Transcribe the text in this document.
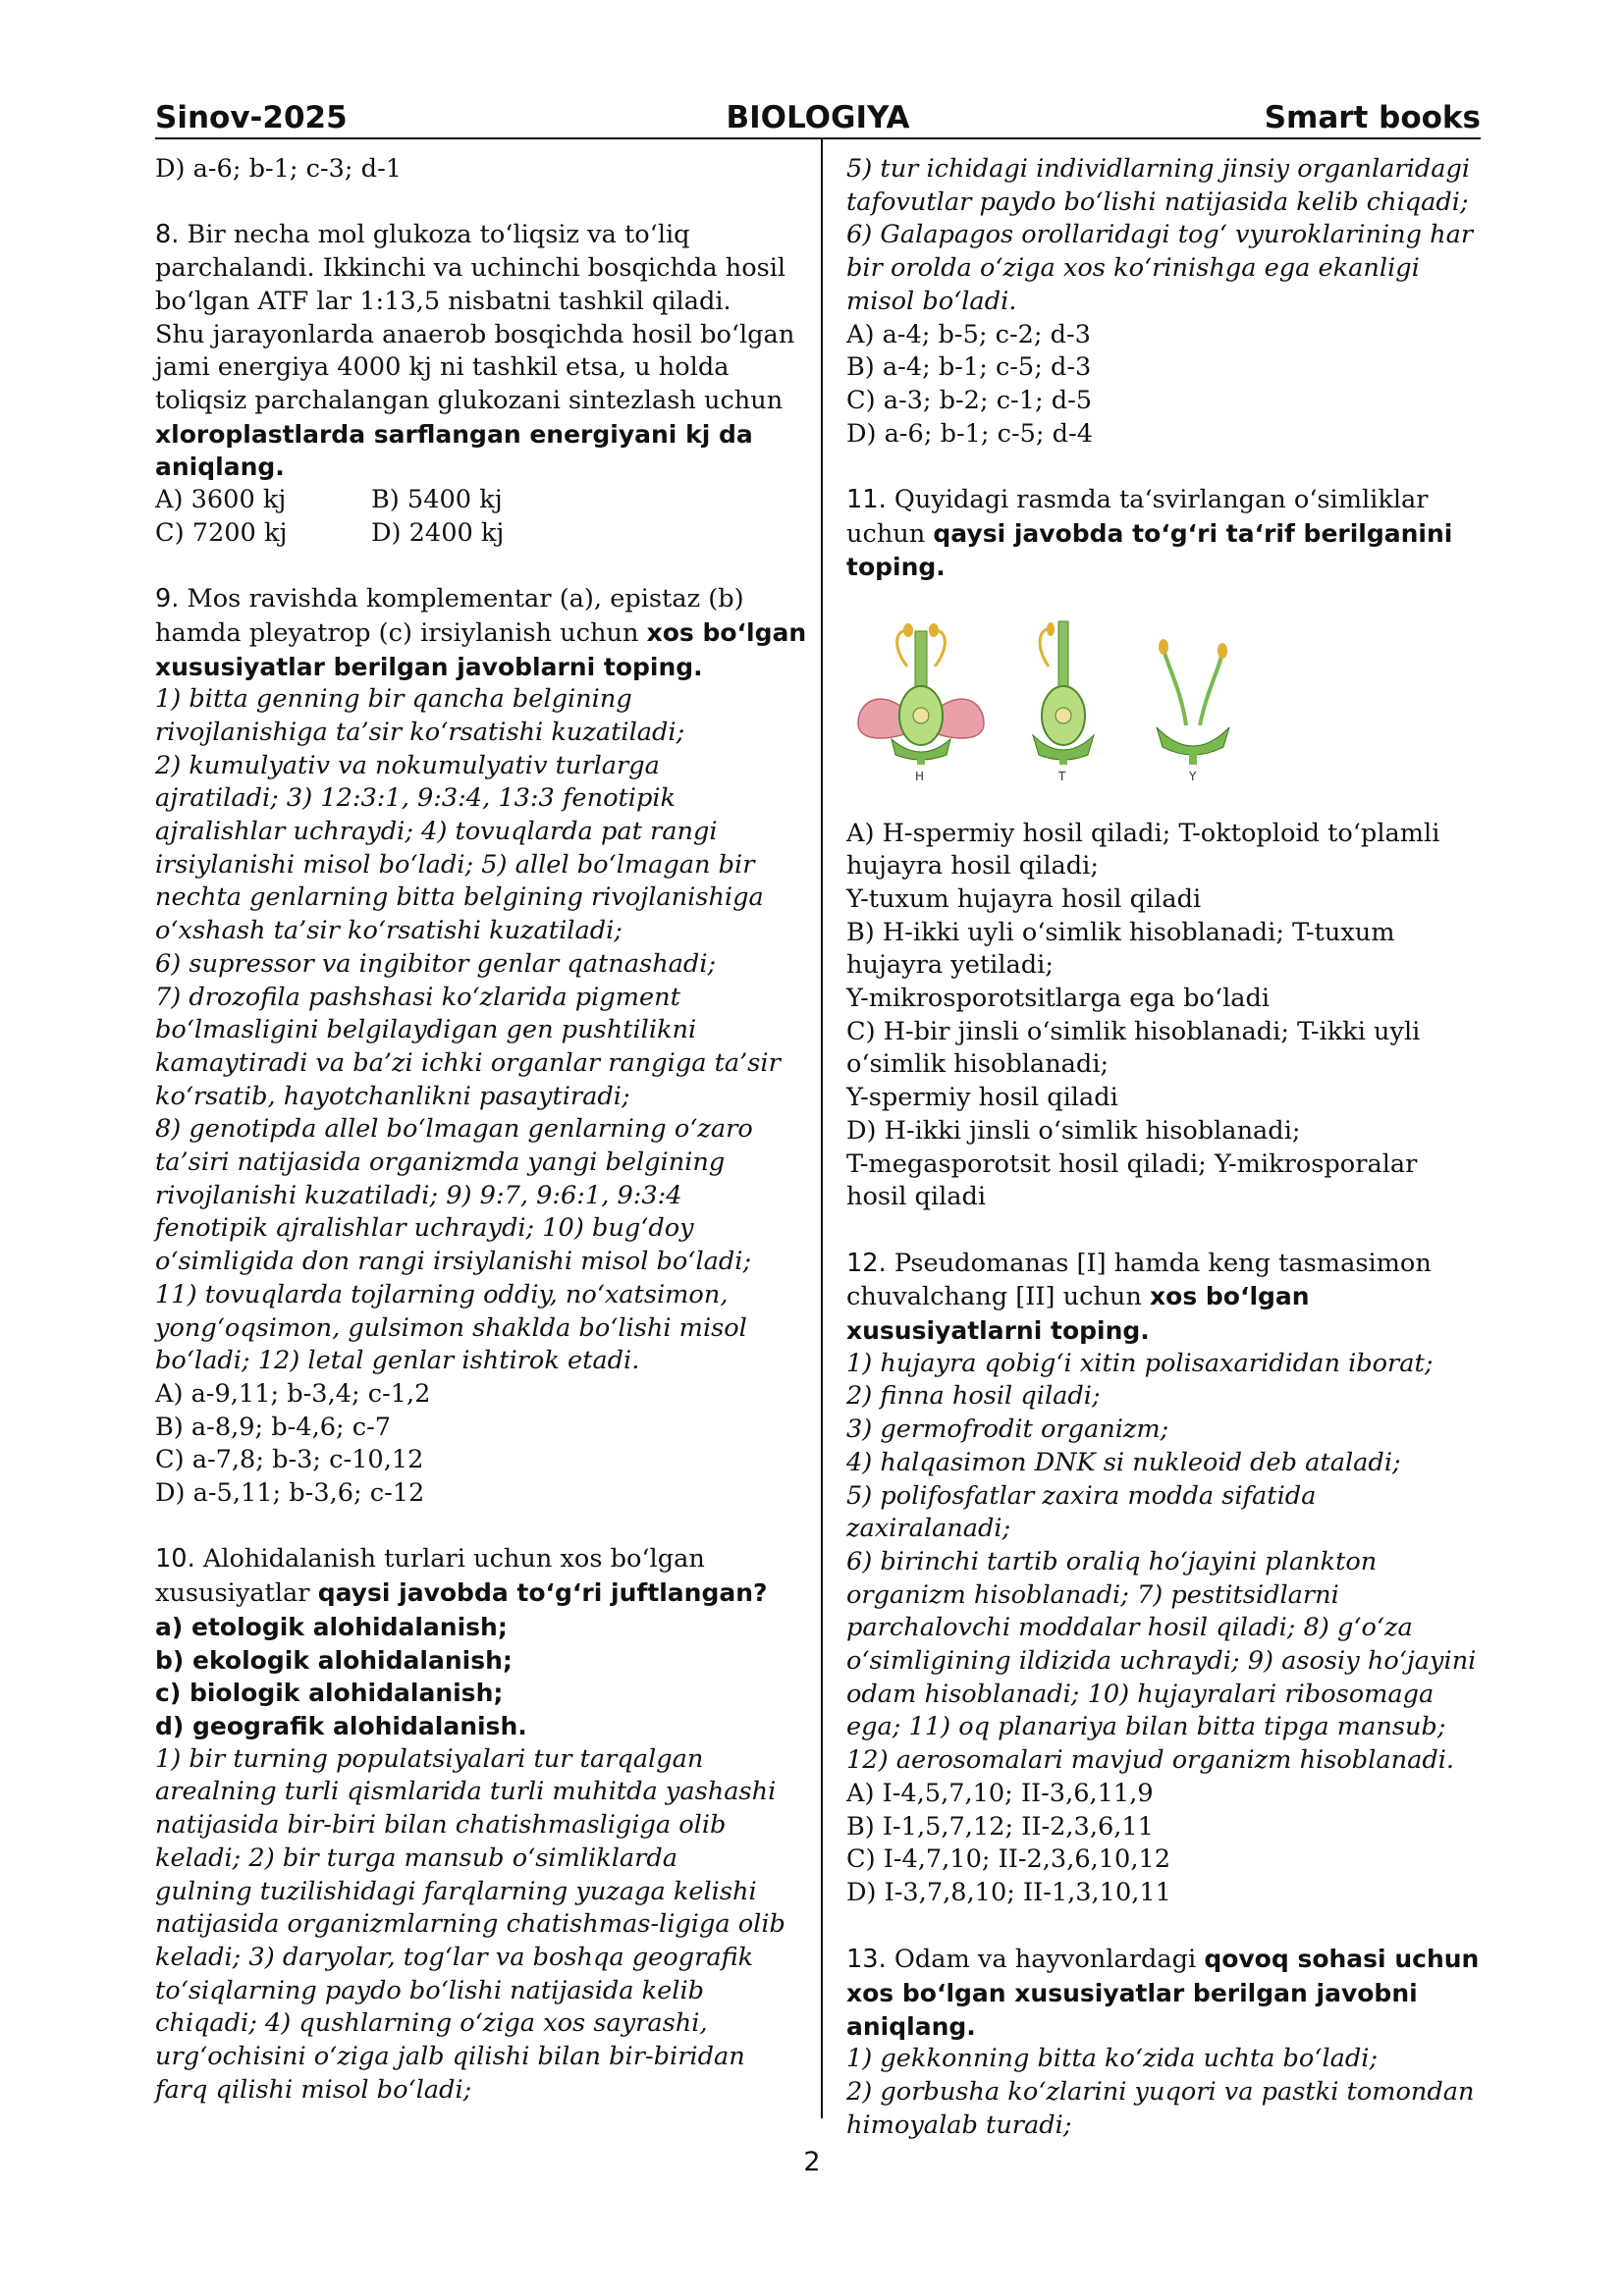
Sinov-2025	BIOLOGIYA	Smart books
D) a-6; b-1; c-3; d-1
8. Bir necha mol glukoza to‘liqsiz va to‘liq
parchalandi. Ikkinchi va uchinchi bosqichda hosil
bo‘lgan ATF lar 1:13,5 nisbatni tashkil qiladi.
Shu jarayonlarda anaerob bosqichda hosil bo‘lgan
jami energiya 4000 kj ni tashkil etsa, u holda
toliqsiz parchalangan glukozani sintezlash uchun
xloroplastlarda sarflangan energiyani kj da
aniqlang.
A) 3600 kj	B) 5400 kj
C) 7200 kj	D) 2400 kj
9. Mos ravishda komplementar (a), epistaz (b)
hamda pleyatrop (c) irsiylanish uchun xos bo‘lgan
xususiyatlar berilgan javoblarni toping.
1) bitta genning bir qancha belgining
rivojlanishiga ta’sir ko‘rsatishi kuzatiladi;
2) kumulyativ va nokumulyativ turlarga
ajratiladi; 3) 12:3:1, 9:3:4, 13:3 fenotipik
ajralishlar uchraydi; 4) tovuqlarda pat rangi
irsiylanishi misol bo‘ladi; 5) allel bo‘lmagan bir
nechta genlarning bitta belgining rivojlanishiga
o‘xshash ta’sir ko‘rsatishi kuzatiladi;
6) supressor va ingibitor genlar qatnashadi;
7) drozofila pashshasi ko‘zlarida pigment
bo‘lmasligini belgilaydigan gen pushtilikni
kamaytiradi va ba’zi ichki organlar rangiga ta’sir
ko‘rsatib, hayotchanlikni pasaytiradi;
8) genotipda allel bo‘lmagan genlarning o‘zaro
ta’siri natijasida organizmda yangi belgining
rivojlanishi kuzatiladi; 9) 9:7, 9:6:1, 9:3:4
fenotipik ajralishlar uchraydi; 10) bug‘doy
o‘simligida don rangi irsiylanishi misol bo‘ladi;
11) tovuqlarda tojlarning oddiy, no‘xatsimon,
yong‘oqsimon, gulsimon shaklda bo‘lishi misol
bo‘ladi; 12) letal genlar ishtirok etadi.
A) a-9,11; b-3,4; c-1,2
B) a-8,9; b-4,6; c-7
C) a-7,8; b-3; c-10,12
D) a-5,11; b-3,6; c-12
10. Alohidalanish turlari uchun xos bo‘lgan
xususiyatlar qaysi javobda to‘g‘ri juftlangan?
a) etologik alohidalanish;
b) ekologik alohidalanish;
c) biologik alohidalanish;
d) geografik alohidalanish.
1) bir turning populatsiyalari tur tarqalgan
arealning turli qismlarida turli muhitda yashashi
natijasida bir-biri bilan chatishmasligiga olib
keladi; 2) bir turga mansub o‘simliklarda
gulning tuzilishidagi farqlarning yuzaga kelishi
natijasida organizmlarning chatishmas-ligiga olib
keladi; 3) daryolar, tog‘lar va boshqa geografik
to‘siqlarning paydo bo‘lishi natijasida kelib
chiqadi; 4) qushlarning o‘ziga xos sayrashi,
urg‘ochisini o‘ziga jalb qilishi bilan bir-biridan
farq qilishi misol bo‘ladi;
5) tur ichidagi individlarning jinsiy organlaridagi
tafovutlar paydo bo‘lishi natijasida kelib chiqadi;
6) Galapagos orollaridagi tog‘ vyuroklarining har
bir orolda o‘ziga xos ko‘rinishga ega ekanligi
misol bo‘ladi.
A) a-4; b-5; c-2; d-3
B) a-4; b-1; c-5; d-3
C) a-3; b-2; c-1; d-5
D) a-6; b-1; c-5; d-4
11. Quyidagi rasmda ta‘svirlangan o‘simliklar
uchun qaysi javobda to‘g‘ri ta‘rif berilganini
toping.
H	T	Y
A) H-spermiy hosil qiladi; T-oktoploid to‘plamli
hujayra hosil qiladi;
Y-tuxum hujayra hosil qiladi
B) H-ikki uyli o‘simlik hisoblanadi; T-tuxum
hujayra yetiladi;
Y-mikrosporotsitlarga ega bo‘ladi
C) H-bir jinsli o‘simlik hisoblanadi; T-ikki uyli
o‘simlik hisoblanadi;
Y-spermiy hosil qiladi
D) H-ikki jinsli o‘simlik hisoblanadi;
T-megasporotsit hosil qiladi; Y-mikrosporalar
hosil qiladi
12. Pseudomanas [I] hamda keng tasmasimon
chuvalchang [II] uchun xos bo‘lgan
xususiyatlarni toping.
1) hujayra qobig‘i xitin polisaxarididan iborat;
2) finna hosil qiladi;
3) germofrodit organizm;
4) halqasimon DNK si nukleoid deb ataladi;
5) polifosfatlar zaxira modda sifatida
zaxiralanadi;
6) birinchi tartib oraliq ho‘jayini plankton
organizm hisoblanadi; 7) pestitsidlarni
parchalovchi moddalar hosil qiladi; 8) g‘o‘za
o‘simligining ildizida uchraydi; 9) asosiy ho‘jayini
odam hisoblanadi; 10) hujayralari ribosomaga
ega; 11) oq planariya bilan bitta tipga mansub;
12) aerosomalari mavjud organizm hisoblanadi.
A) I-4,5,7,10; II-3,6,11,9
B) I-1,5,7,12; II-2,3,6,11
C) I-4,7,10; II-2,3,6,10,12
D) I-3,7,8,10; II-1,3,10,11
13. Odam va hayvonlardagi qovoq sohasi uchun
xos bo‘lgan xususiyatlar berilgan javobni
aniqlang.
1) gekkonning bitta ko‘zida uchta bo‘ladi;
2) gorbusha ko‘zlarini yuqori va pastki tomondan
himoyalab turadi;
2
